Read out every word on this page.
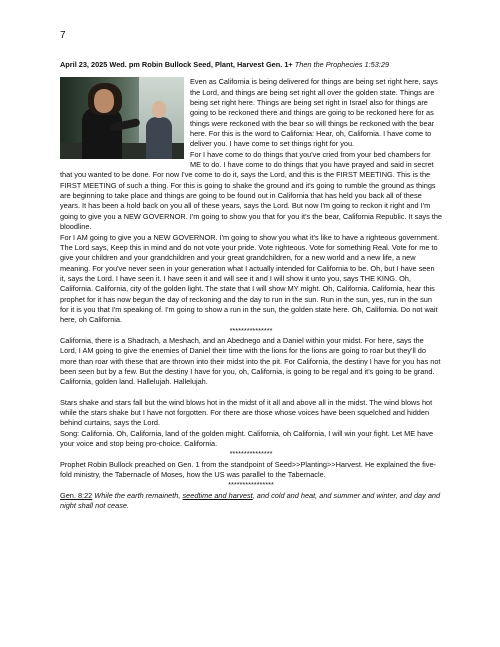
7

April 23, 2025 Wed. pm Robin Bullock Seed, Plant, Harvest Gen. 1+ Then the Prophecies 1:53:29

Even as California is being delivered for things are being set right here, says the Lord, and things are being set right all over the golden state. Things are being set right here. Things are being set right in Israel also for things are going to be reckoned there and things are going to be reckoned here for as things were reckoned with the bear so will things be reckoned with the bear here. For this is the word to California: Hear, oh, California. I have come to deliver you. I have come to set things right for you.

For I have come to do things that you've cried from your bed chambers for ME to do. I have come to do things that you have prayed and said in secret that you wanted to be done. For now I've come to do it, says the Lord, and this is the FIRST MEETING. This is the FIRST MEETING of such a thing. For this is going to shake the ground and it's going to rumble the ground as things are beginning to take place and things are going to be found out in California that has held you back all of these years. It has been a hold back on you all of these years, says the Lord. But now I'm going to reckon it right and I'm going to give you a NEW GOVERNOR. I'm going to show you that for you it's the bear, California Republic. It says the bloodline.

For I AM going to give you a NEW GOVERNOR. I'm going to show you what it's like to have a righteous government.

The Lord says, Keep this in mind and do not vote your pride. Vote righteous. Vote for something Real. Vote for me to give your children and your grandchildren and your great grandchildren, for a new world and a new life, a new meaning. For you've never seen in your generation what I actually intended for California to be. Oh, but I have seen it, says the Lord. I have seen it. I have seen it and will see it and I will show it unto you, says THE KING. Oh, California. California, city of the golden light. The state that I will show MY might. Oh, California. California, hear this prophet for it has now begun the day of reckoning and the day to run in the sun. Run in the sun, yes, run in the sun for it is you that I'm speaking of. I'm going to show a run in the sun, the golden state here. Oh, California. Do not wait here, oh California.

***************

California, there is a Shadrach, a Meshach, and an Abednego and a Daniel within your midst. For here, says the Lord, I AM going to give the enemies of Daniel their time with the lions for the lions are going to roar but they'll do more than roar with these that are thrown into their midst into the pit. For California, the destiny I have for you has not been seen but by a few. But the destiny I have for you, oh, California, is going to be regal and it's going to be grand. California, golden land. Hallelujah. Hallelujah.

Stars shake and stars fall but the wind blows hot in the midst of it all and above all in the midst. The wind blows hot while the stars shake but I have not forgotten. For there are those whose voices have been squelched and hidden behind curtains, says the Lord.

Song: California. Oh, California, land of the golden might. California, oh California, I will win your fight. Let ME have your voice and stop being pro-choice. California.

***************

Prophet Robin Bullock preached on Gen. 1 from the standpoint of Seed>>Planting>>Harvest. He explained the five-fold ministry, the Tabernacle of Moses, how the US was parallel to the Tabernacle.

****************

Gen. 8:22 While the earth remaineth, seedtime and harvest, and cold and heat, and summer and winter, and day and night shall not cease.
